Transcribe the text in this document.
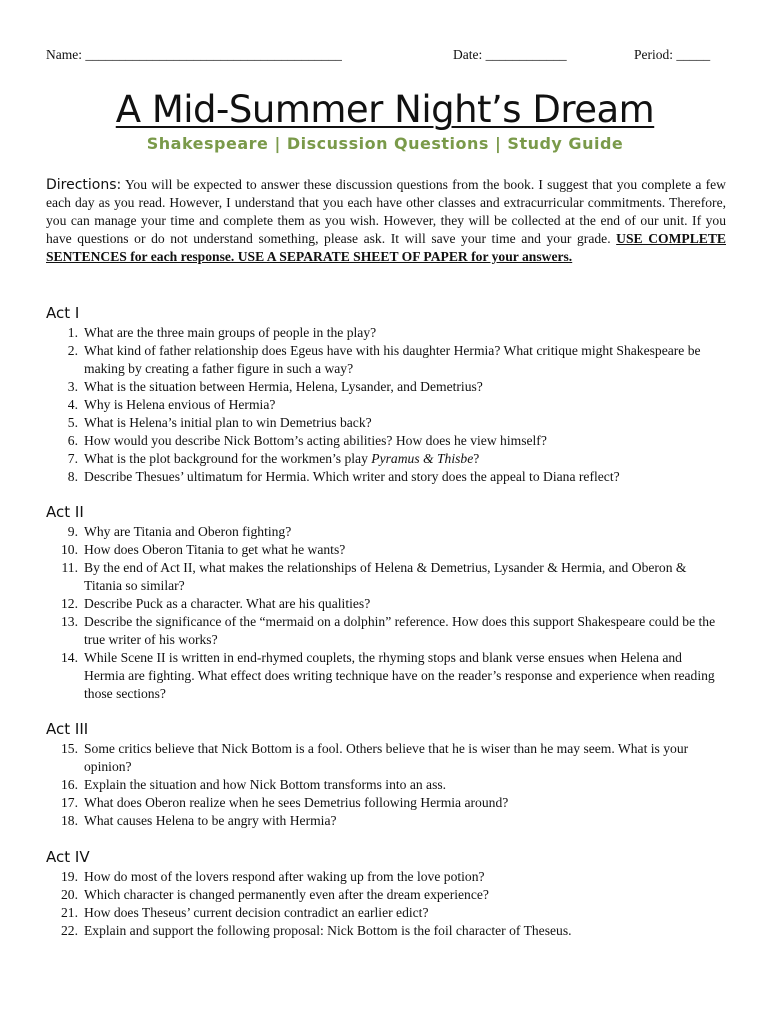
Name: ______________________________________	Date: ____________	Period: _____
A Mid-Summer Night’s Dream
Shakespeare | Discussion Questions | Study Guide
Directions: You will be expected to answer these discussion questions from the book. I suggest that you complete a few each day as you read. However, I understand that you each have other classes and extracurricular commitments. Therefore, you can manage your time and complete them as you wish. However, they will be collected at the end of our unit. If you have questions or do not understand something, please ask. It will save your time and your grade. USE COMPLETE SENTENCES for each response. USE A SEPARATE SHEET OF PAPER for your answers.
Act I
1. What are the three main groups of people in the play?
2. What kind of father relationship does Egeus have with his daughter Hermia? What critique might Shakespeare be making by creating a father figure in such a way?
3. What is the situation between Hermia, Helena, Lysander, and Demetrius?
4. Why is Helena envious of Hermia?
5. What is Helena’s initial plan to win Demetrius back?
6. How would you describe Nick Bottom’s acting abilities? How does he view himself?
7. What is the plot background for the workmen’s play Pyramus & Thisbe?
8. Describe Thesues’ ultimatum for Hermia. Which writer and story does the appeal to Diana reflect?
Act II
9. Why are Titania and Oberon fighting?
10. How does Oberon Titania to get what he wants?
11. By the end of Act II, what makes the relationships of Helena & Demetrius, Lysander & Hermia, and Oberon & Titania so similar?
12. Describe Puck as a character. What are his qualities?
13. Describe the significance of the “mermaid on a dolphin” reference. How does this support Shakespeare could be the true writer of his works?
14. While Scene II is written in end-rhymed couplets, the rhyming stops and blank verse ensues when Helena and Hermia are fighting. What effect does writing technique have on the reader’s response and experience when reading those sections?
Act III
15. Some critics believe that Nick Bottom is a fool. Others believe that he is wiser than he may seem. What is your opinion?
16. Explain the situation and how Nick Bottom transforms into an ass.
17. What does Oberon realize when he sees Demetrius following Hermia around?
18. What causes Helena to be angry with Hermia?
Act IV
19. How do most of the lovers respond after waking up from the love potion?
20. Which character is changed permanently even after the dream experience?
21. How does Theseus’ current decision contradict an earlier edict?
22. Explain and support the following proposal: Nick Bottom is the foil character of Theseus.
